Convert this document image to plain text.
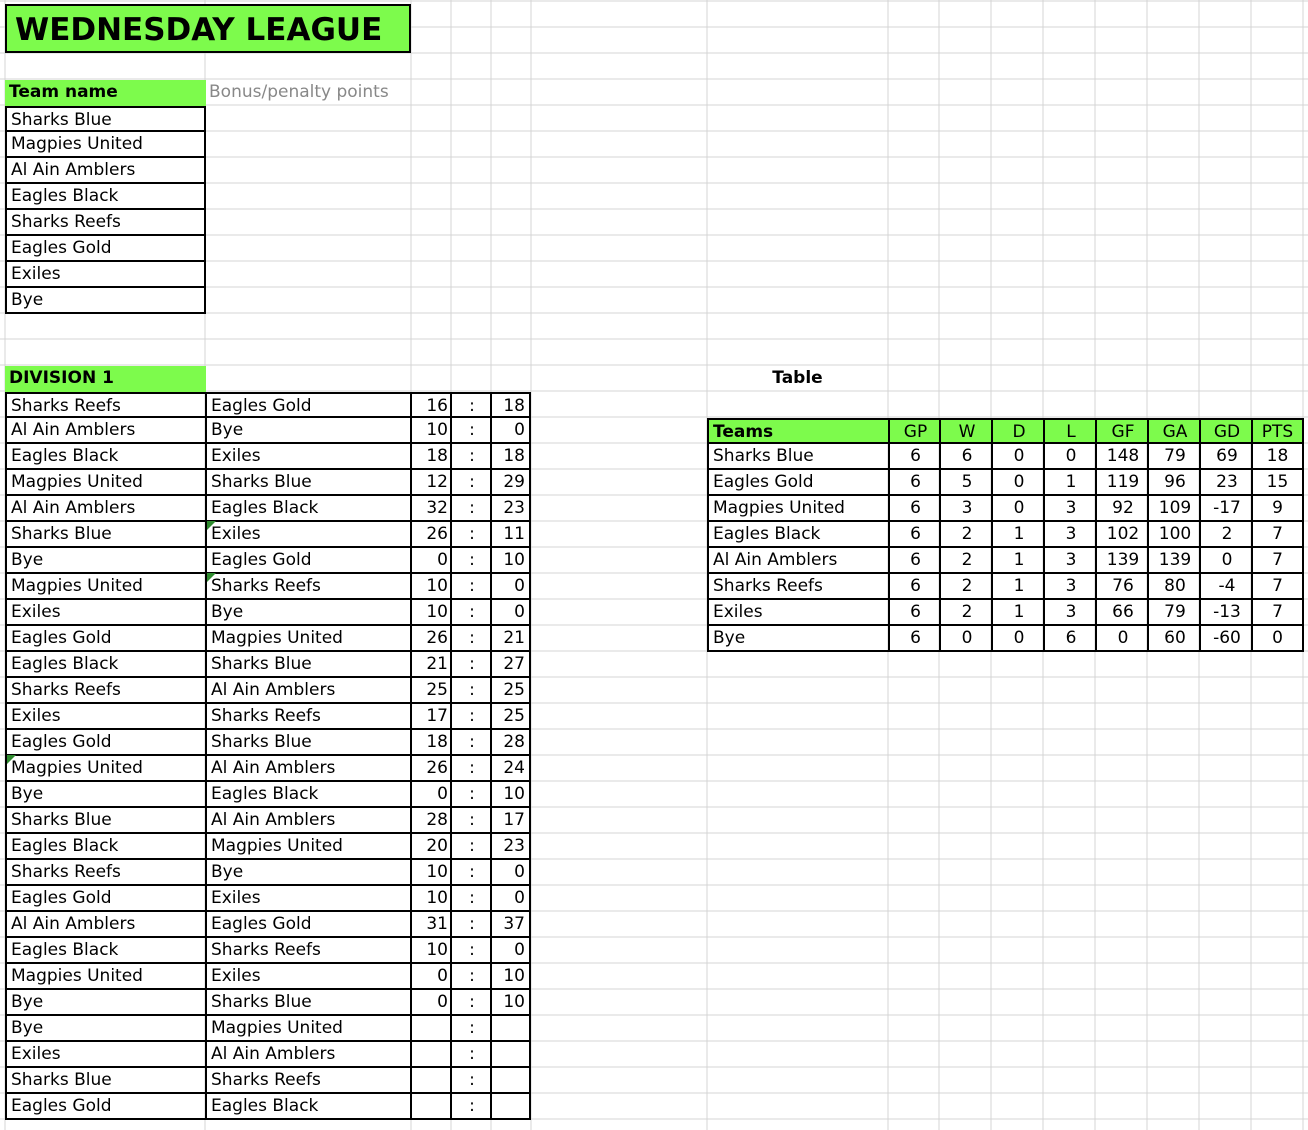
WEDNESDAY LEAGUE
Team name
Sharks Blue
Magpies United
Al Ain Amblers
Eagles Black
Sharks Reefs
Eagles Gold
Exiles
Bye
Bonus/penalty points
DIVISION 1
Sharks Reefs	Eagles Gold	16	:	18
Al Ain Amblers	Bye	10	:	0
Eagles Black	Exiles	18	:	18
Magpies United	Sharks Blue	12	:	29
Al Ain Amblers	Eagles Black	32	:	23
Sharks Blue	Exiles	26	:	11
Bye	Eagles Gold	0	:	10
Magpies United	Sharks Reefs	10	:	0
Exiles	Bye	10	:	0
Eagles Gold	Magpies United	26	:	21
Eagles Black	Sharks Blue	21	:	27
Sharks Reefs	Al Ain Amblers	25	:	25
Exiles	Sharks Reefs	17	:	25
Eagles Gold	Sharks Blue	18	:	28
Magpies United	Al Ain Amblers	26	:	24
Bye	Eagles Black	0	:	10
Sharks Blue	Al Ain Amblers	28	:	17
Eagles Black	Magpies United	20	:	23
Sharks Reefs	Bye	10	:	0
Eagles Gold	Exiles	10	:	0
Al Ain Amblers	Eagles Gold	31	:	37
Eagles Black	Sharks Reefs	10	:	0
Magpies United	Exiles	0	:	10
Bye	Sharks Blue	0	:	10
Bye	Magpies United	:
Exiles	Al Ain Amblers	:
Sharks Blue	Sharks Reefs	:
Eagles Gold	Eagles Black	:
Table
Teams	GP	W	D	L	GF	GA	GD	PTS
Sharks Blue	6	6	0	0	148	79	69	18
Eagles Gold	6	5	0	1	119	96	23	15
Magpies United	6	3	0	3	92	109	-17	9
Eagles Black	6	2	1	3	102	100	2	7
Al Ain Amblers	6	2	1	3	139	139	0	7
Sharks Reefs	6	2	1	3	76	80	-4	7
Exiles	6	2	1	3	66	79	-13	7
Bye	6	0	0	6	0	60	-60	0
